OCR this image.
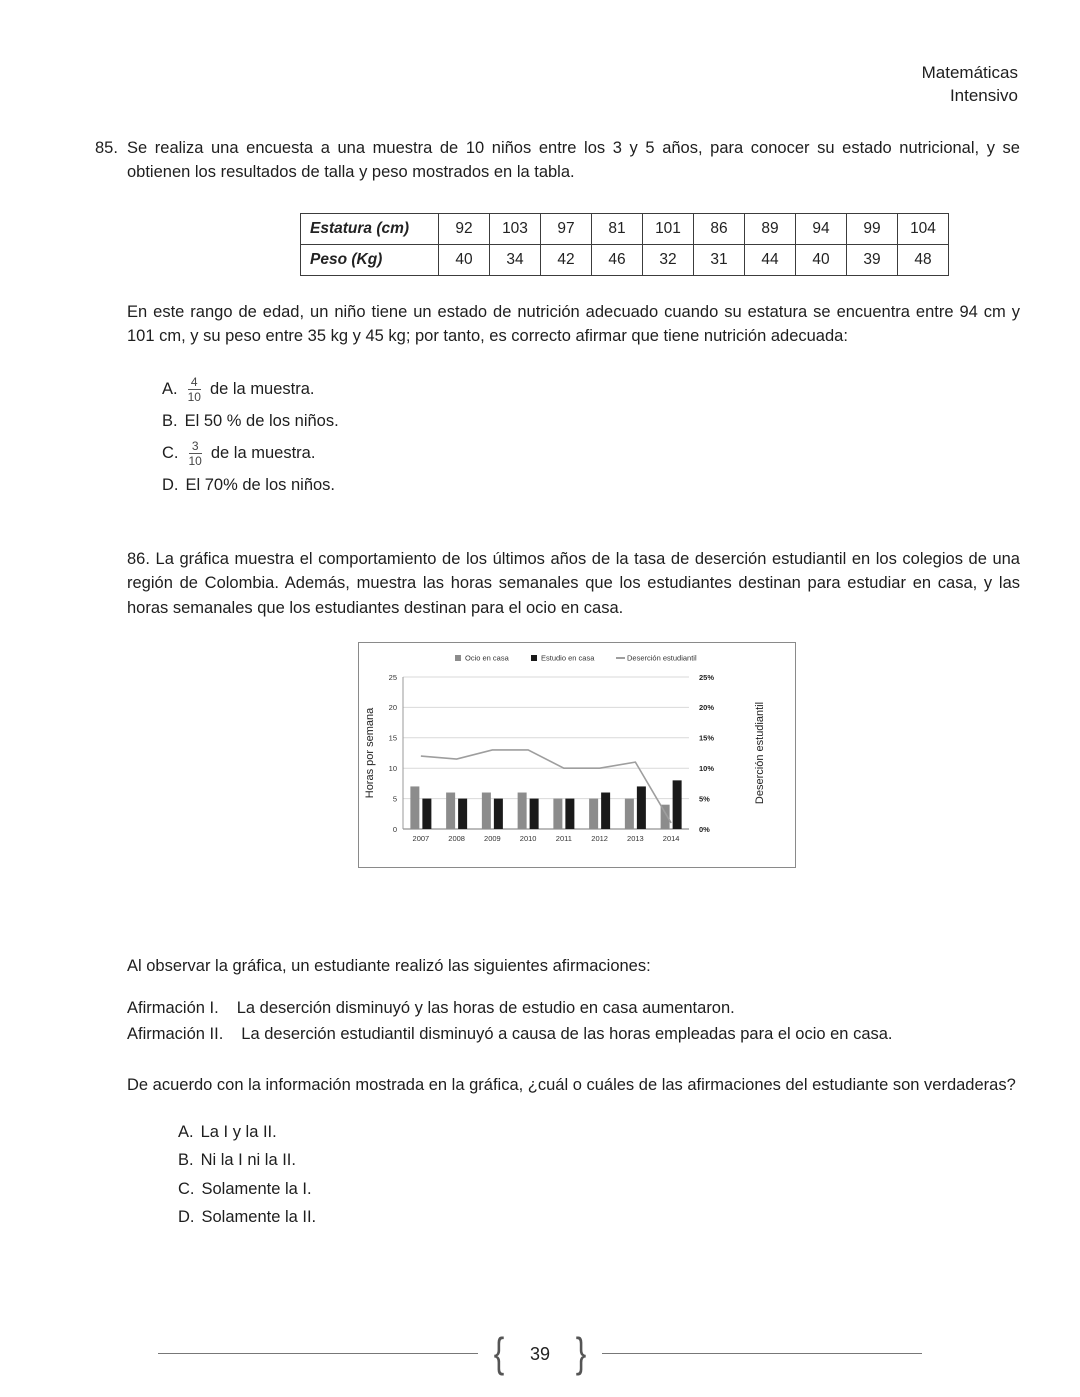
Matemáticas
Intensivo

85. Se realiza una encuesta a una muestra de 10 niños entre los 3 y 5 años, para conocer su estado nutricional, y se obtienen los resultados de talla y peso mostrados en la tabla.

Estatura (cm)	92	103	97	81	101	86	89	94	99	104
Peso (Kg)	40	34	42	46	32	31	44	40	39	48

En este rango de edad, un niño tiene un estado de nutrición adecuado cuando su estatura se encuentra entre 94 cm y 101 cm, y su peso entre 35 kg y 45 kg; por tanto, es correcto afirmar que tiene nutrición adecuada:

A. $\frac{4}{10}$ de la muestra.
B. El 50 % de los niños.
C. $\frac{3}{10}$ de la muestra.
D. El 70% de los niños.

86. La gráfica muestra el comportamiento de los últimos años de la tasa de deserción estudiantil en los colegios de una región de Colombia. Además, muestra las horas semanales que los estudiantes destinan para estudiar en casa, y las horas semanales que los estudiantes destinan para el ocio en casa.

0
5
10
15
20
25
0%
5%
10%
15%
20%
25%
2007	2008	2009	2010	2011	2012	2013	2014
Ocio en casa	Estudio en casa	Deserción estudiantil
Horas por semana	Deserción estudiantil

Al observar la gráfica, un estudiante realizó las siguientes afirmaciones:

Afirmación I. La deserción disminuyó y las horas de estudio en casa aumentaron.
Afirmación II. La deserción estudiantil disminuyó a causa de las horas empleadas para el ocio en casa.

De acuerdo con la información mostrada en la gráfica, ¿cuál o cuáles de las afirmaciones del estudiante son verdaderas?

A. La I y la II.
B. Ni la I ni la II.
C. Solamente la I.
D. Solamente la II.
{ 39 }
